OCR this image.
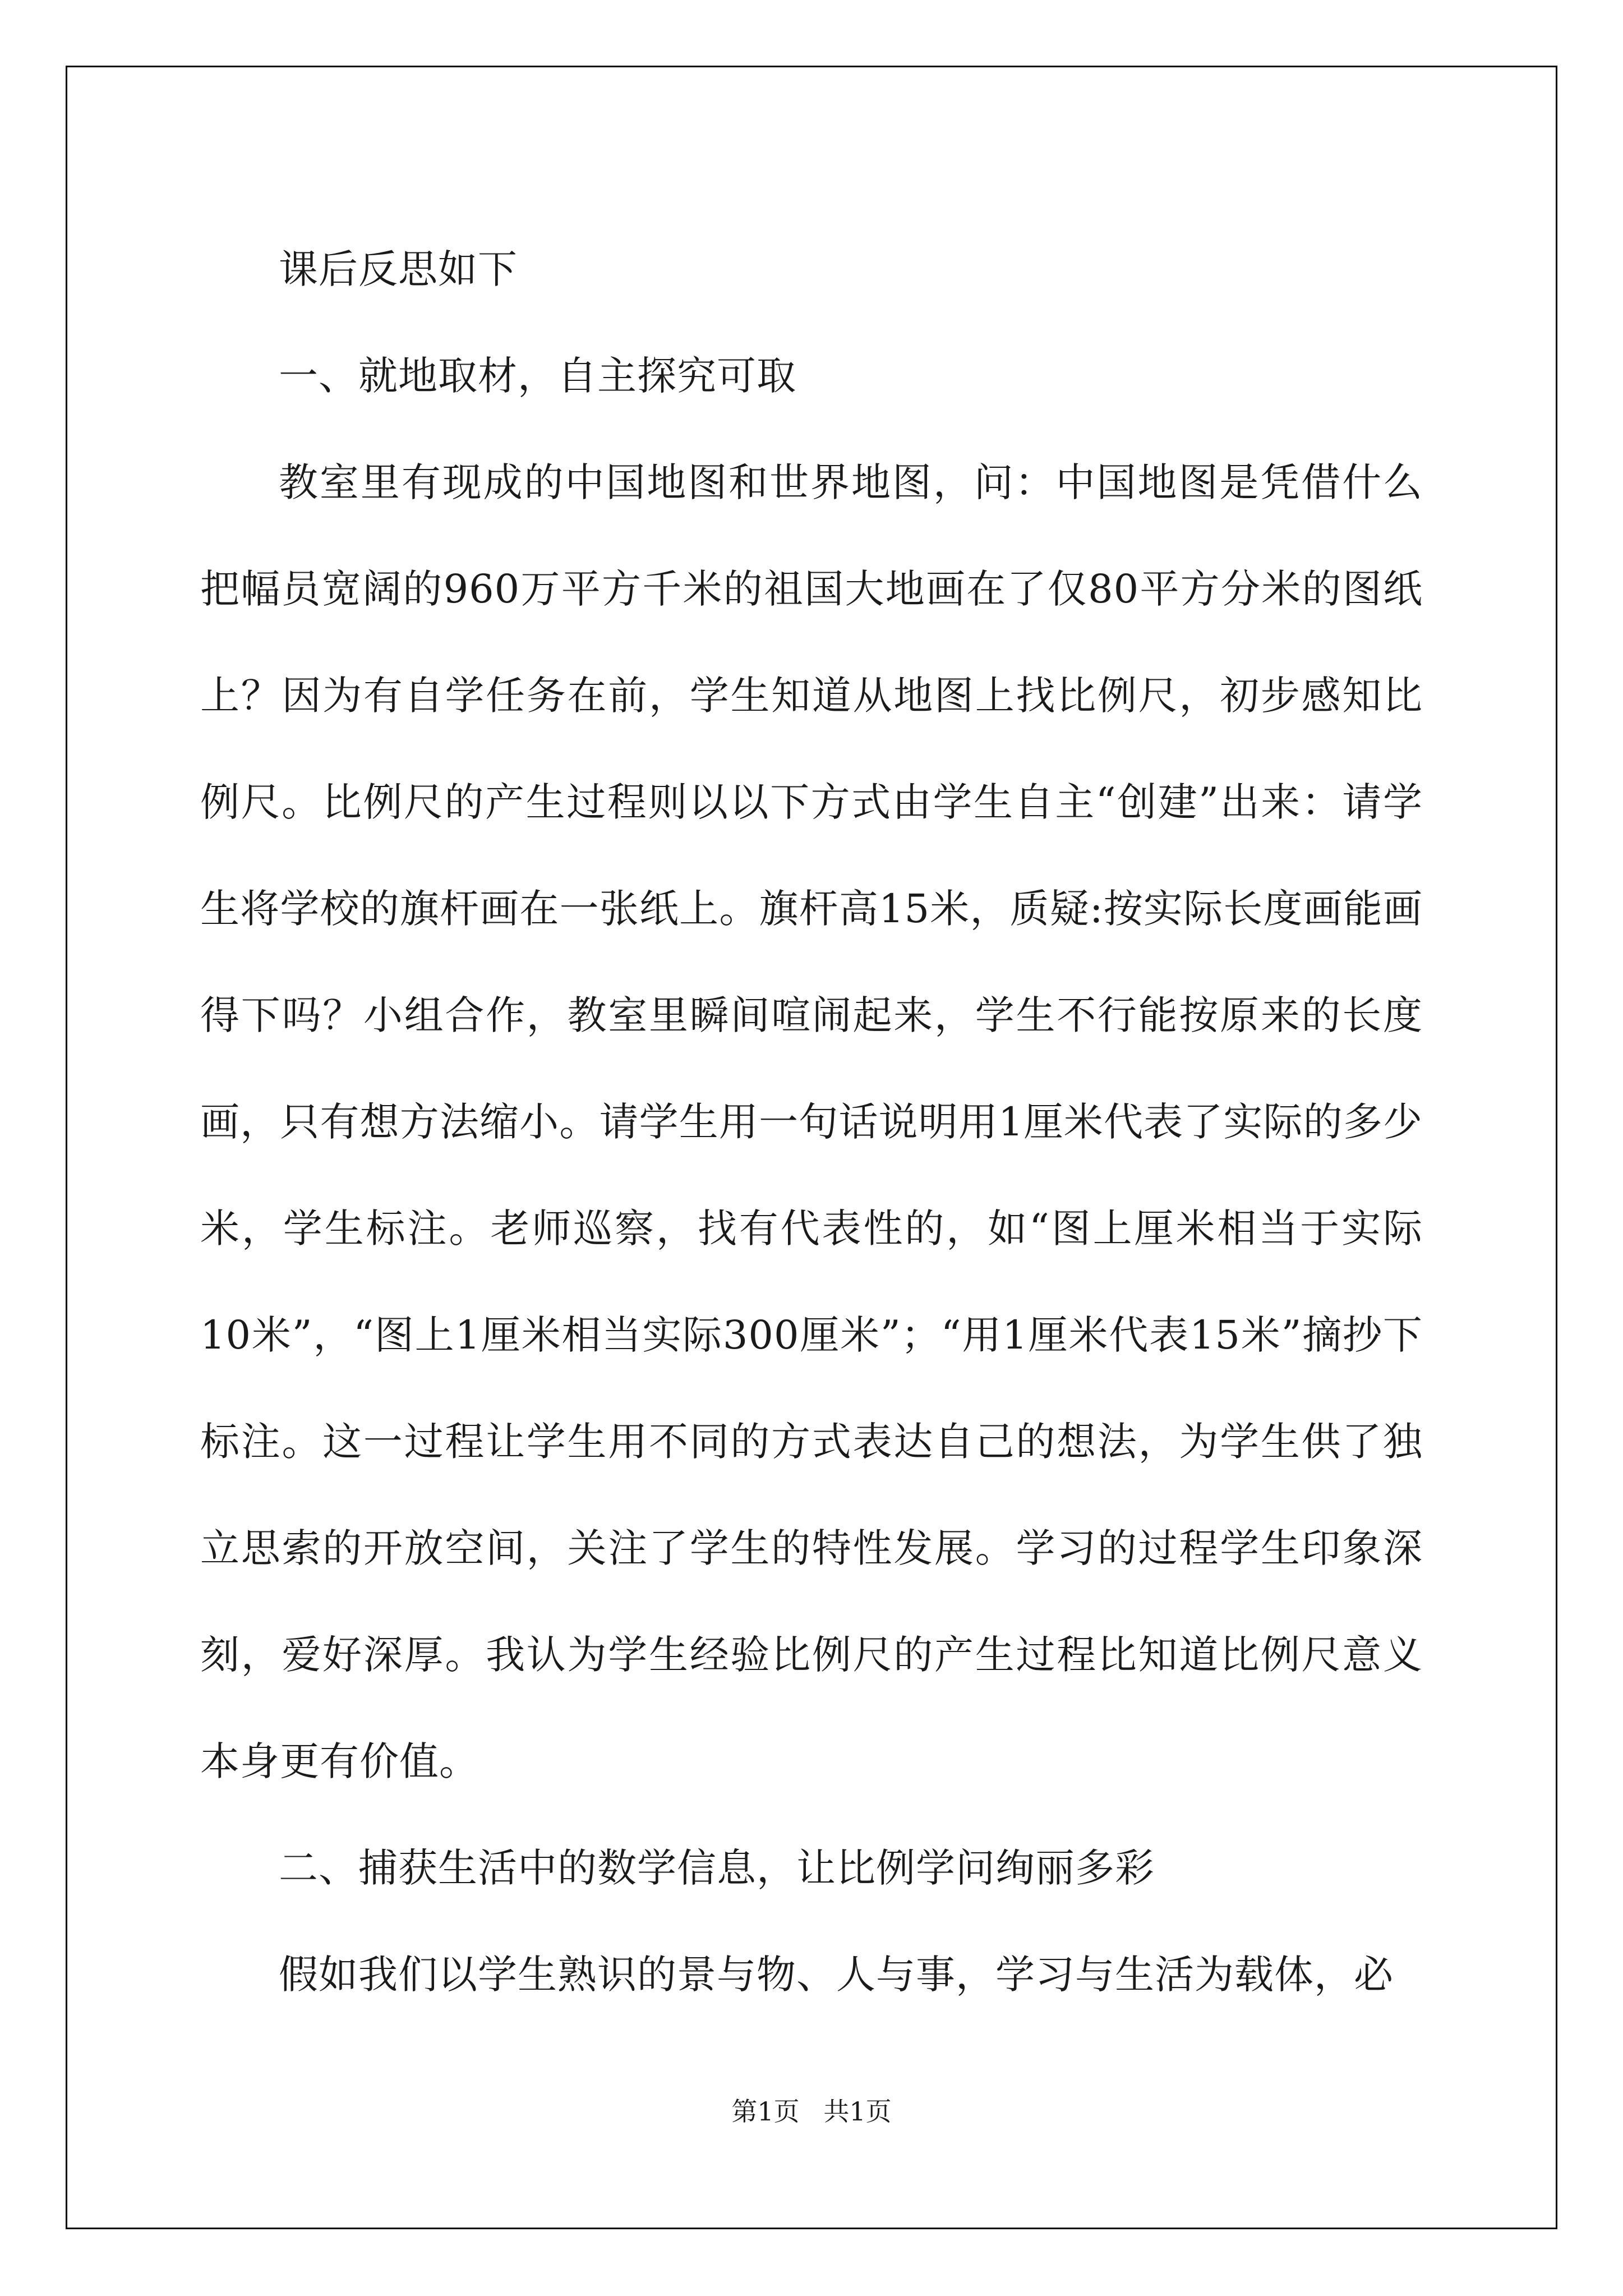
课后反思如下

一、就地取材，自主探究可取

教室里有现成的中国地图和世界地图，问：中国地图是凭借什么把幅员宽阔的960万平方千米的祖国大地画在了仅80平方分米的图纸上？因为有自学任务在前，学生知道从地图上找比例尺，初步感知比例尺。比例尺的产生过程则以以下方式由学生自主“创建”出来：请学生将学校的旗杆画在一张纸上。旗杆高15米，质疑:按实际长度画能画得下吗？小组合作，教室里瞬间喧闹起来，学生不行能按原来的长度画，只有想方法缩小。请学生用一句话说明用1厘米代表了实际的多少米，学生标注。老师巡察，找有代表性的，如“图上厘米相当于实际10米”，“图上1厘米相当实际300厘米”；“用1厘米代表15米”摘抄下标注。这一过程让学生用不同的方式表达自己的想法，为学生供了独立思索的开放空间，关注了学生的特性发展。学习的过程学生印象深刻，爱好深厚。我认为学生经验比例尺的产生过程比知道比例尺意义本身更有价值。

二、捕获生活中的数学信息，让比例学问绚丽多彩

假如我们以学生熟识的景与物、人与事，学习与生活为载体，必

第1页 共1页
